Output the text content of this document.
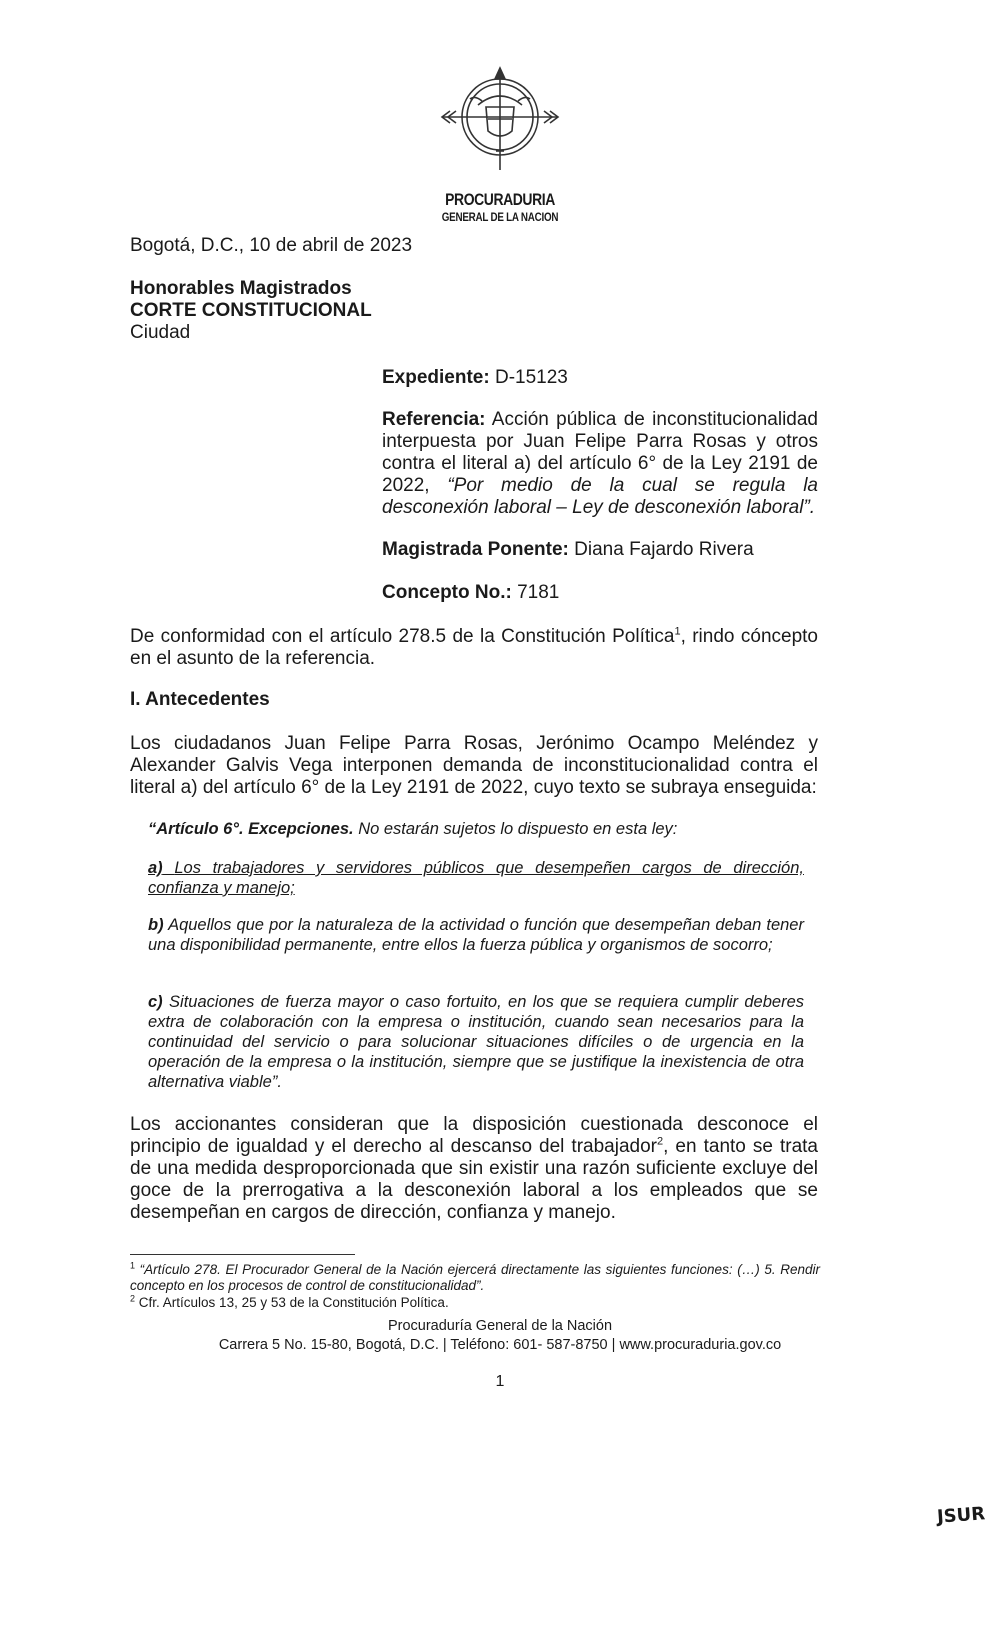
PROCURADURIA
GENERAL DE LA NACION
Bogotá, D.C., 10 de abril de 2023
Honorables Magistrados
CORTE CONSTITUCIONAL
Ciudad
Expediente: D-15123
Referencia: Acción pública de inconstitucionalidad interpuesta por Juan Felipe Parra Rosas y otros contra el literal a) del artículo 6° de la Ley 2191 de 2022, “Por medio de la cual se regula la desconexión laboral – Ley de desconexión laboral”.
Magistrada Ponente: Diana Fajardo Rivera
Concepto No.: 7181
De conformidad con el artículo 278.5 de la Constitución Política$^1$, rindo cóncepto en el asunto de la referencia.
I. Antecedentes
Los ciudadanos Juan Felipe Parra Rosas, Jerónimo Ocampo Meléndez y Alexander Galvis Vega interponen demanda de inconstitucionalidad contra el literal a) del artículo 6° de la Ley 2191 de 2022, cuyo texto se subraya enseguida:
“Artículo 6°. Excepciones. No estarán sujetos lo dispuesto en esta ley:
a) Los trabajadores y servidores públicos que desempeñen cargos de dirección, confianza y manejo;
b) Aquellos que por la naturaleza de la actividad o función que desempeñan deban tener una disponibilidad permanente, entre ellos la fuerza pública y organismos de socorro;
c) Situaciones de fuerza mayor o caso fortuito, en los que se requiera cumplir deberes extra de colaboración con la empresa o institución, cuando sean necesarios para la continuidad del servicio o para solucionar situaciones difíciles o de urgencia en la operación de la empresa o la institución, siempre que se justifique la inexistencia de otra alternativa viable”.
Los accionantes consideran que la disposición cuestionada desconoce el principio de igualdad y el derecho al descanso del trabajador$^2$, en tanto se trata de una medida desproporcionada que sin existir una razón suficiente excluye del goce de la prerrogativa a la desconexión laboral a los empleados que se desempeñan en cargos de dirección, confianza y manejo.
$^1$ “Artículo 278. El Procurador General de la Nación ejercerá directamente las siguientes funciones: (…) 5. Rendir concepto en los procesos de control de constitucionalidad”.
$^2$ Cfr. Artículos 13, 25 y 53 de la Constitución Política.
Procuraduría General de la Nación
Carrera 5 No. 15-80, Bogotá, D.C. | Teléfono: 601- 587-8750 | www.procuraduria.gov.co
1
JSUR
